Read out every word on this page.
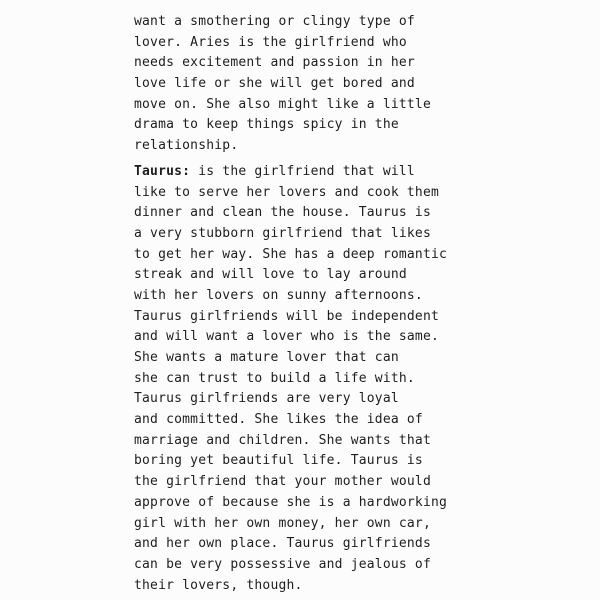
want a smothering or clingy type of
lover. Aries is the girlfriend who
needs excitement and passion in her
love life or she will get bored and
move on. She also might like a little
drama to keep things spicy in the
relationship.
Taurus: is the girlfriend that will
like to serve her lovers and cook them
dinner and clean the house. Taurus is
a very stubborn girlfriend that likes
to get her way. She has a deep romantic
streak and will love to lay around
with her lovers on sunny afternoons.
Taurus girlfriends will be independent
and will want a lover who is the same.
She wants a mature lover that can
she can trust to build a life with.
Taurus girlfriends are very loyal
and committed. She likes the idea of
marriage and children. She wants that
boring yet beautiful life. Taurus is
the girlfriend that your mother would
approve of because she is a hardworking
girl with her own money, her own car,
and her own place. Taurus girlfriends
can be very possessive and jealous of
their lovers, though.
